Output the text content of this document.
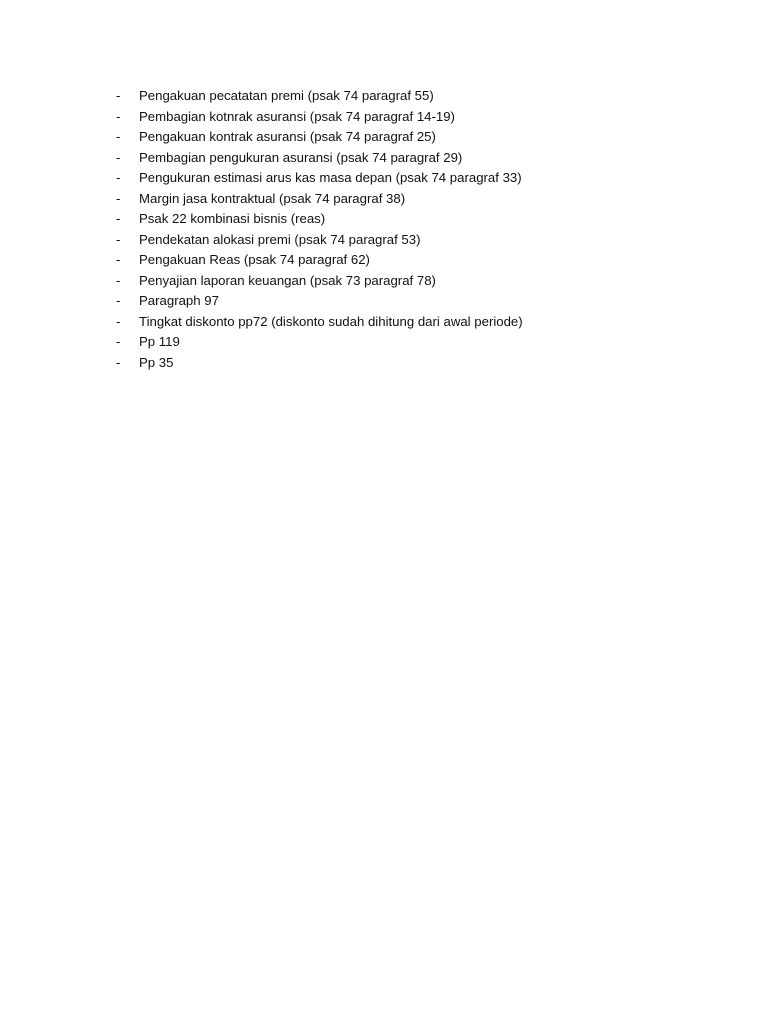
- Pengakuan pecatatan premi (psak 74 paragraf 55)
- Pembagian kotnrak asuransi (psak 74 paragraf 14-19)
- Pengakuan kontrak asuransi (psak 74 paragraf 25)
- Pembagian pengukuran asuransi (psak 74 paragraf 29)
- Pengukuran estimasi arus kas masa depan (psak 74 paragraf 33)
- Margin jasa kontraktual (psak 74 paragraf 38)
- Psak 22 kombinasi bisnis (reas)
- Pendekatan alokasi premi (psak 74 paragraf 53)
- Pengakuan Reas (psak 74 paragraf 62)
- Penyajian laporan keuangan (psak 73 paragraf 78)
- Paragraph 97
- Tingkat diskonto pp72 (diskonto sudah dihitung dari awal periode)
- Pp 119
- Pp 35
